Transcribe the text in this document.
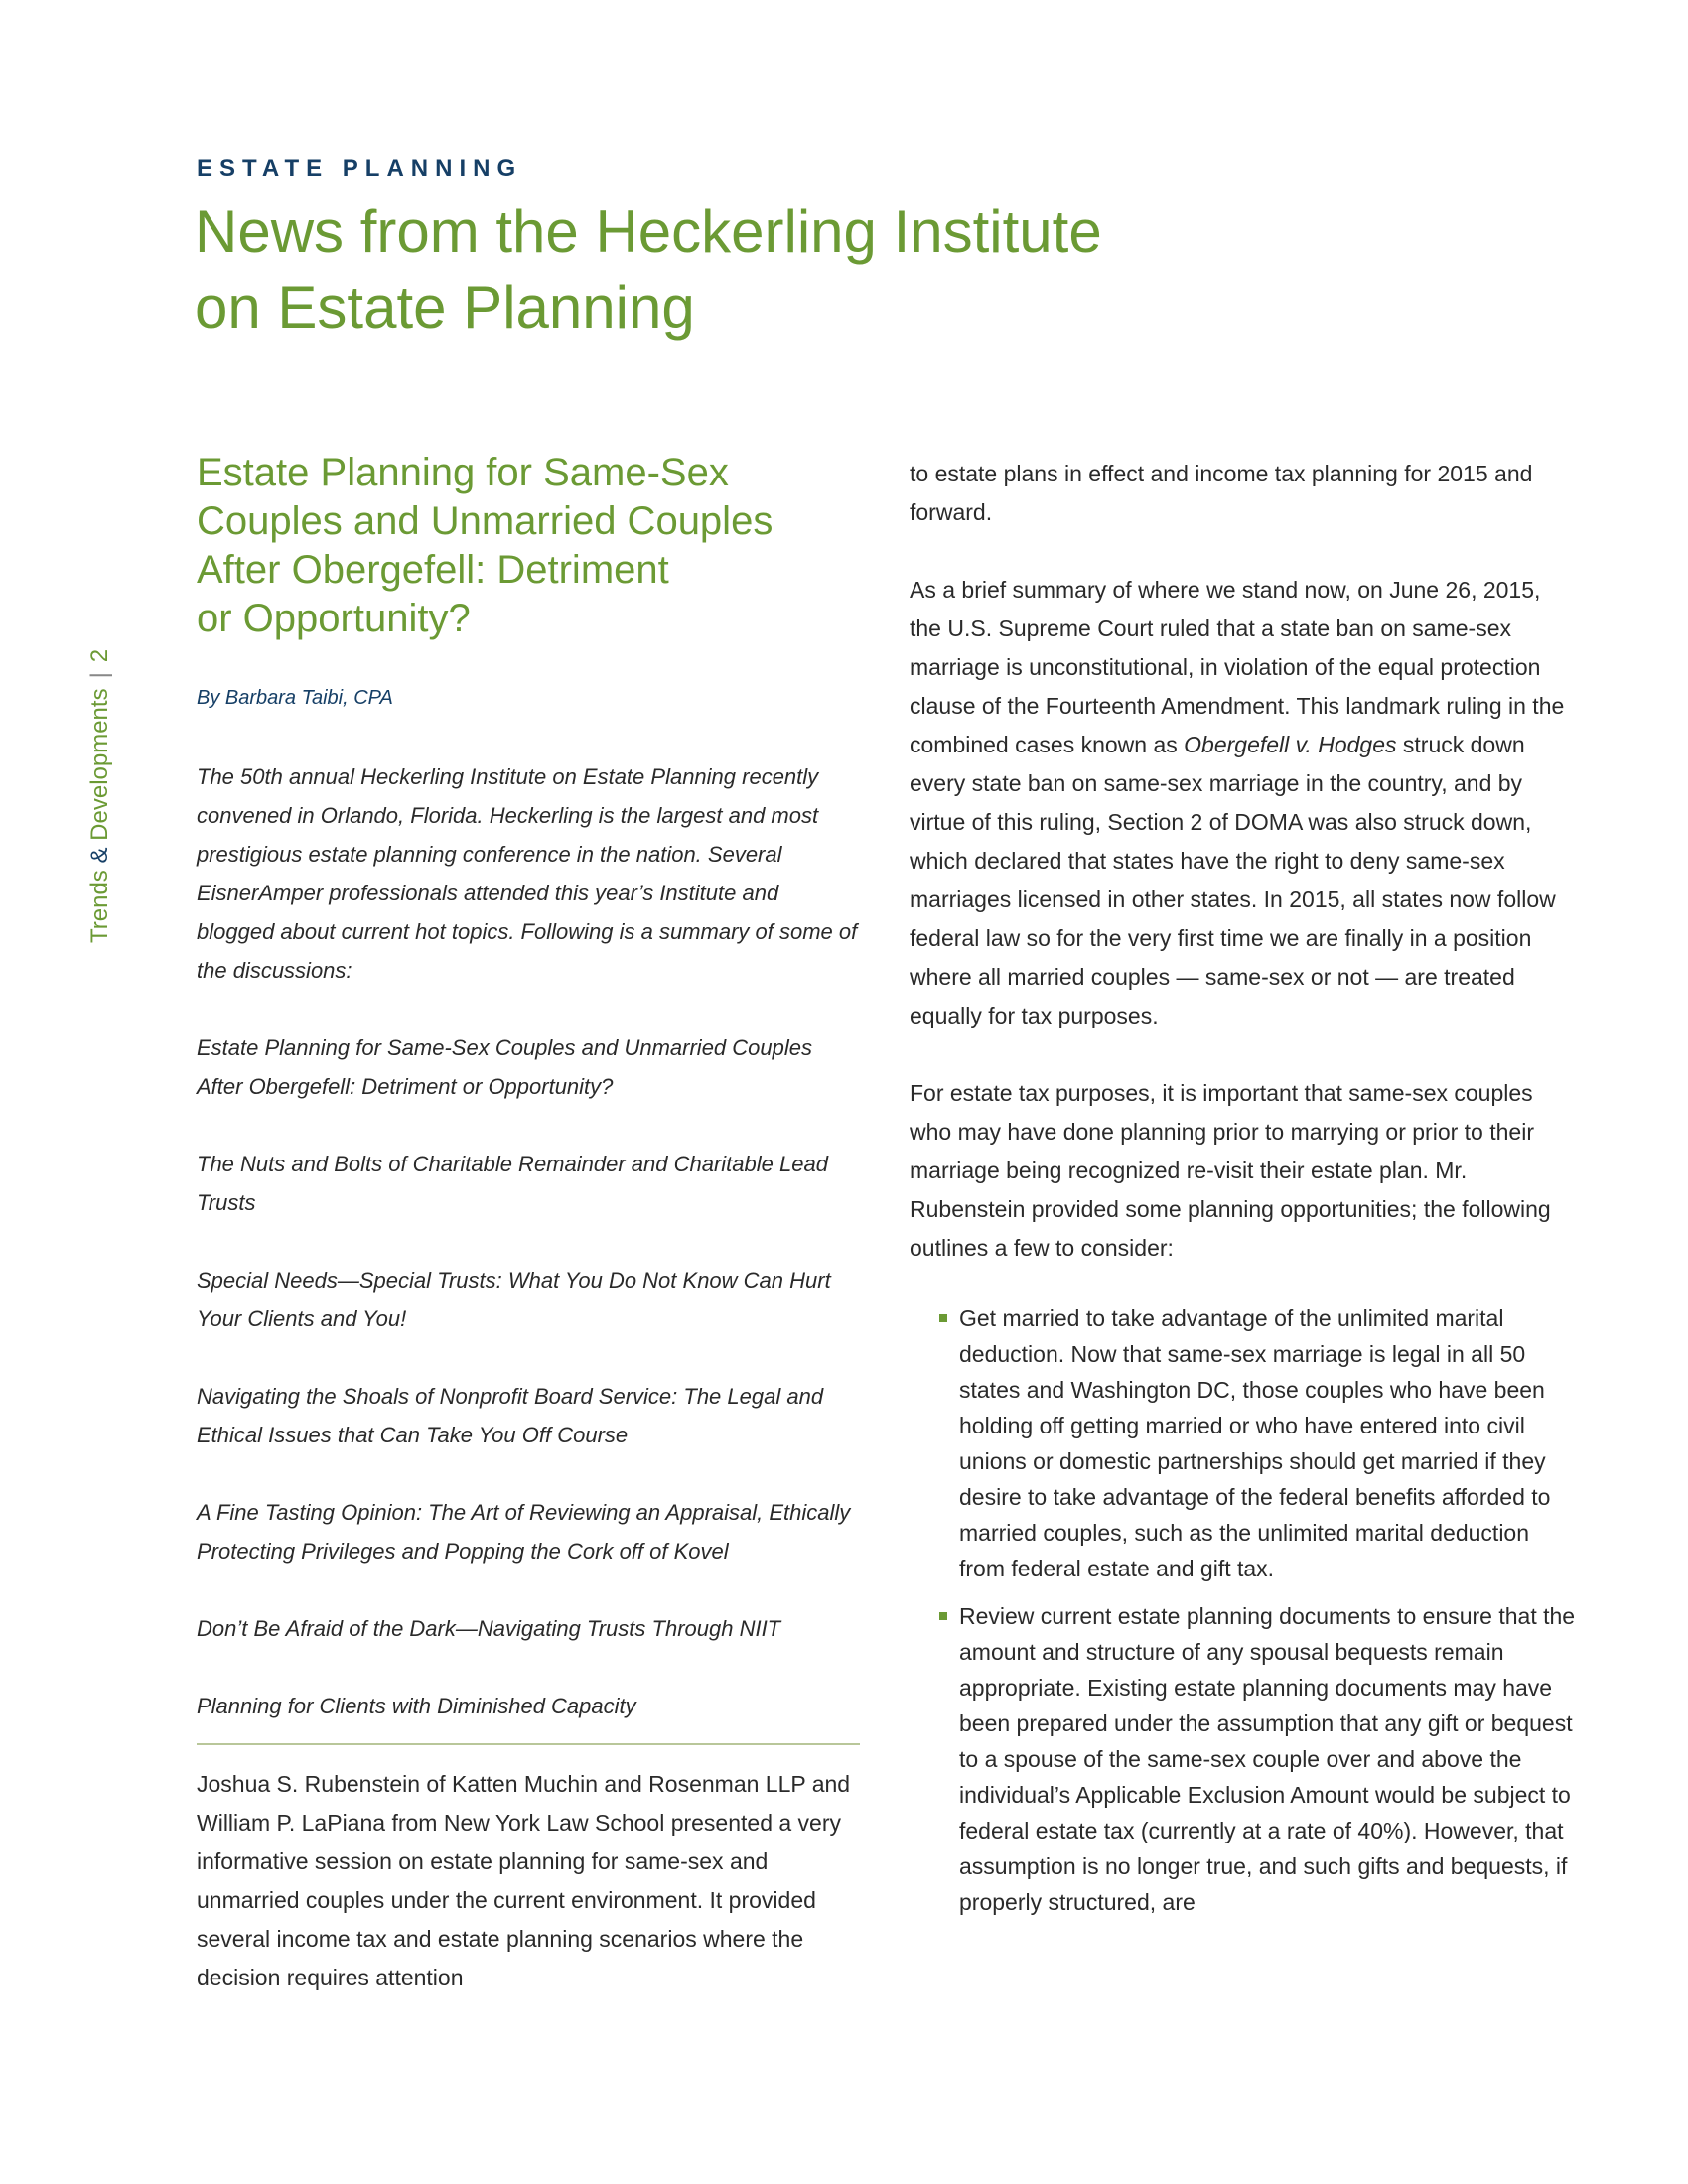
ESTATE PLANNING
News from the Heckerling Institute
on Estate Planning
Trends & Developments|2
Estate Planning for Same-Sex
Couples and Unmarried Couples
After Obergefell: Detriment
or Opportunity?
By Barbara Taibi, CPA

The 50th annual Heckerling Institute on Estate Planning recently convened in Orlando, Florida. Heckerling is the largest and most prestigious estate planning conference in the nation. Several EisnerAmper professionals attended this year’s Institute and blogged about current hot topics. Following is a summary of some of the discussions:

Estate Planning for Same-Sex Couples and Unmarried Couples After Obergefell: Detriment or Opportunity?
The Nuts and Bolts of Charitable Remainder and Charitable Lead Trusts
Special Needs—Special Trusts: What You Do Not Know Can Hurt Your Clients and You!
Navigating the Shoals of Nonprofit Board Service: The Legal and Ethical Issues that Can Take You Off Course
A Fine Tasting Opinion: The Art of Reviewing an Appraisal, Ethically Protecting Privileges and Popping the Cork off of Kovel
Don’t Be Afraid of the Dark—Navigating Trusts Through NIIT
Planning for Clients with Diminished Capacity

Joshua S. Rubenstein of Katten Muchin and Rosenman LLP and William P. LaPiana from New York Law School presented a very informative session on estate planning for same-sex and unmarried couples under the current environment. It provided several income tax and estate planning scenarios where the decision requires attention

to estate plans in effect and income tax planning for 2015 and forward.

As a brief summary of where we stand now, on June 26, 2015, the U.S. Supreme Court ruled that a state ban on same-sex marriage is unconstitutional, in violation of the equal protection clause of the Fourteenth Amendment. This landmark ruling in the combined cases known as Obergefell v. Hodges struck down every state ban on same-sex marriage in the country, and by virtue of this ruling, Section 2 of DOMA was also struck down, which declared that states have the right to deny same-sex marriages licensed in other states. In 2015, all states now follow federal law so for the very first time we are finally in a position where all married couples — same-sex or not — are treated equally for tax purposes.

For estate tax purposes, it is important that same-sex couples who may have done planning prior to marrying or prior to their marriage being recognized re-visit their estate plan. Mr. Rubenstein provided some planning opportunities; the following outlines a few to consider:

Get married to take advantage of the unlimited marital deduction. Now that same-sex marriage is legal in all 50 states and Washington DC, those couples who have been holding off getting married or who have entered into civil unions or domestic partnerships should get married if they desire to take advantage of the federal benefits afforded to married couples, such as the unlimited marital deduction from federal estate and gift tax.
Review current estate planning documents to ensure that the amount and structure of any spousal bequests remain appropriate. Existing estate planning documents may have been prepared under the assumption that any gift or bequest to a spouse of the same-sex couple over and above the individual’s Applicable Exclusion Amount would be subject to federal estate tax (currently at a rate of 40%). However, that assumption is no longer true, and such gifts and bequests, if properly structured, are
